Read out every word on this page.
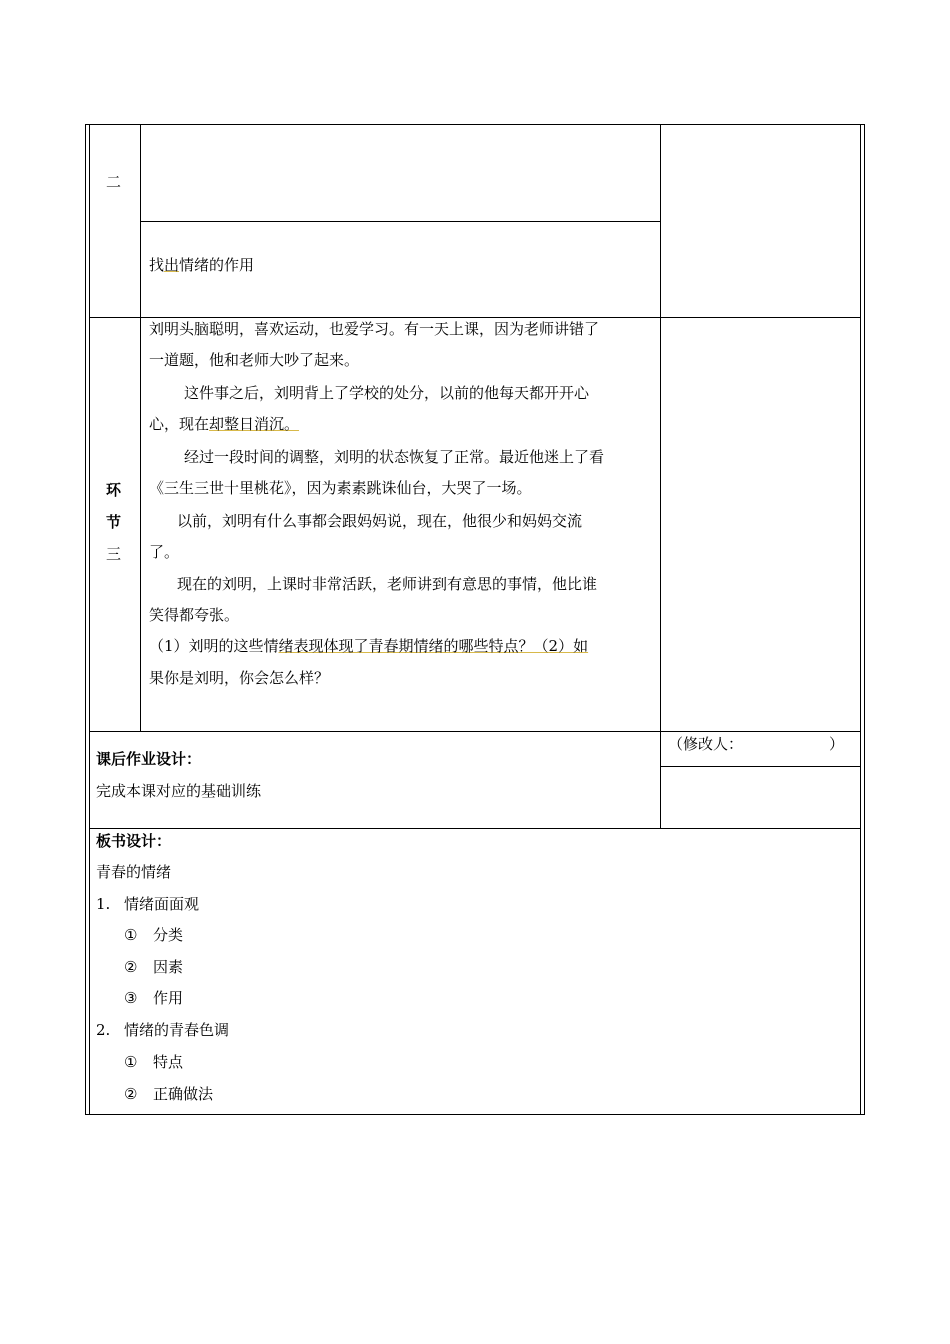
二
找出情绪的作用
环
节
三
刘明头脑聪明，喜欢运动，也爱学习。有一天上课，因为老师讲错了
一道题，他和老师大吵了起来。
这件事之后，刘明背上了学校的处分，以前的他每天都开开心
心，现在却整日消沉。
经过一段时间的调整，刘明的状态恢复了正常。最近他迷上了看
《三生三世十里桃花》，因为素素跳诛仙台，大哭了一场。
以前，刘明有什么事都会跟妈妈说，现在，他很少和妈妈交流
了。
现在的刘明，上课时非常活跃，老师讲到有意思的事情，他比谁
笑得都夸张。
（1）刘明的这些情绪表现体现了青春期情绪的哪些特点？（2）如
果你是刘明，你会怎么样？
课后作业设计：
完成本课对应的基础训练
（修改人：	）
板书设计：
青春的情绪
1. 情绪面面观
① 分类
② 因素
③ 作用
2. 情绪的青春色调
① 特点
② 正确做法
